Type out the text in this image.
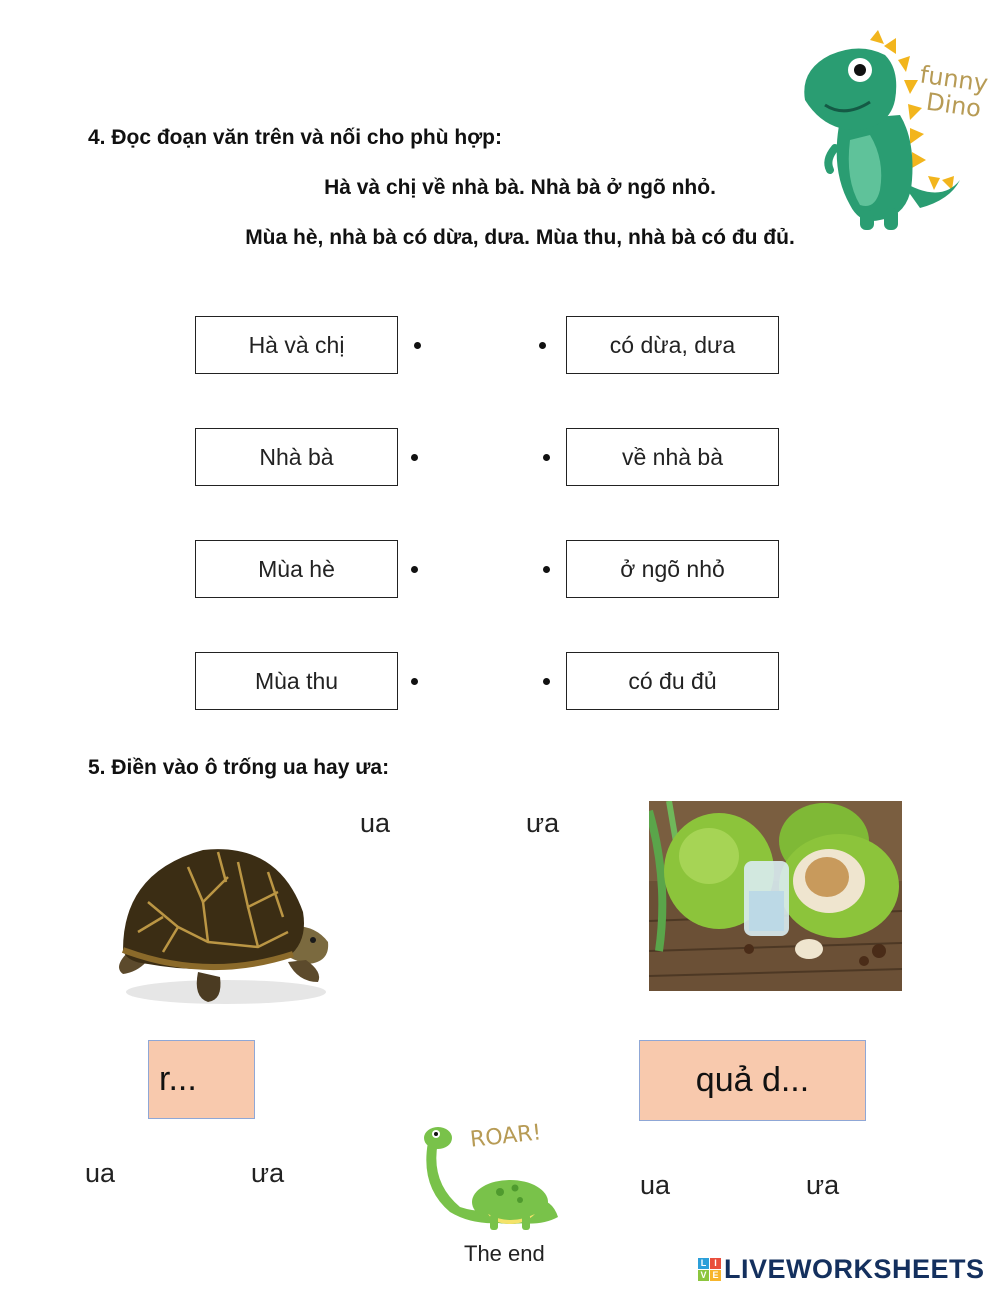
funny
Dino
4. Đọc đoạn văn trên và nối cho phù hợp:
Hà và chị về nhà bà. Nhà bà ở ngõ nhỏ.
Mùa hè, nhà bà có dừa, dưa. Mùa thu, nhà bà có đu đủ.
Hà và chị
Nhà bà
Mùa hè
Mùa thu
có dừa, dưa
về nhà bà
ở ngõ nhỏ
có đu đủ
5. Điền vào ô trống ua hay ưa:
ua	ưa
r...	quả d...
ua	ưa	ua	ưa
ROAR!
The end	L I
V E LIVEWORKSHEETS
